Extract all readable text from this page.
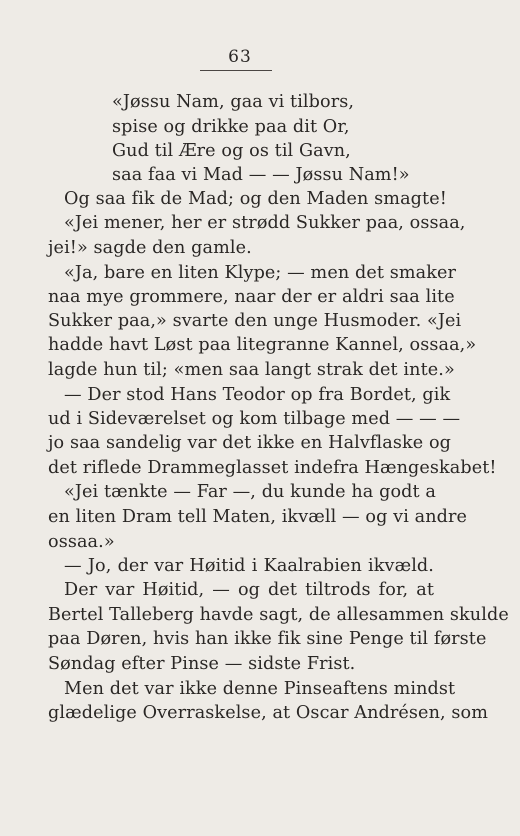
63
«Jøssu Nam, gaa vi tilbors,
spise og drikke paa dit Or,
Gud til Ære og os til Gavn,
saa faa vi Mad — — Jøssu Nam!»
Og saa fik de Mad; og den Maden smagte!
«Jei mener, her er strødd Sukker paa, ossaa,
jei!» sagde den gamle.
«Ja, bare en liten Klype; — men det smaker
naa mye grommere, naar der er aldri saa lite
Sukker paa,» svarte den unge Husmoder. «Jei
hadde havt Løst paa litegranne Kannel, ossaa,»
lagde hun til; «men saa langt strak det inte.»
— Der stod Hans Teodor op fra Bordet, gik
ud i Sideværelset og kom tilbage med — — —
jo saa sandelig var det ikke en Halvflaske og
det riflede Drammeglasset indefra Hængeskabet!
«Jei tænkte — Far —, du kunde ha godt a
en liten Dram tell Maten, ikvæll — og vi andre
ossaa.»
— Jo, der var Høitid i Kaalrabien ikvæld.
Der var Høitid, — og det tiltrods for, at
Bertel Talleberg havde sagt, de allesammen skulde
paa Døren, hvis han ikke fik sine Penge til første
Søndag efter Pinse — sidste Frist.
Men det var ikke denne Pinseaftens mindst
glædelige Overraskelse, at Oscar Andrésen, som
